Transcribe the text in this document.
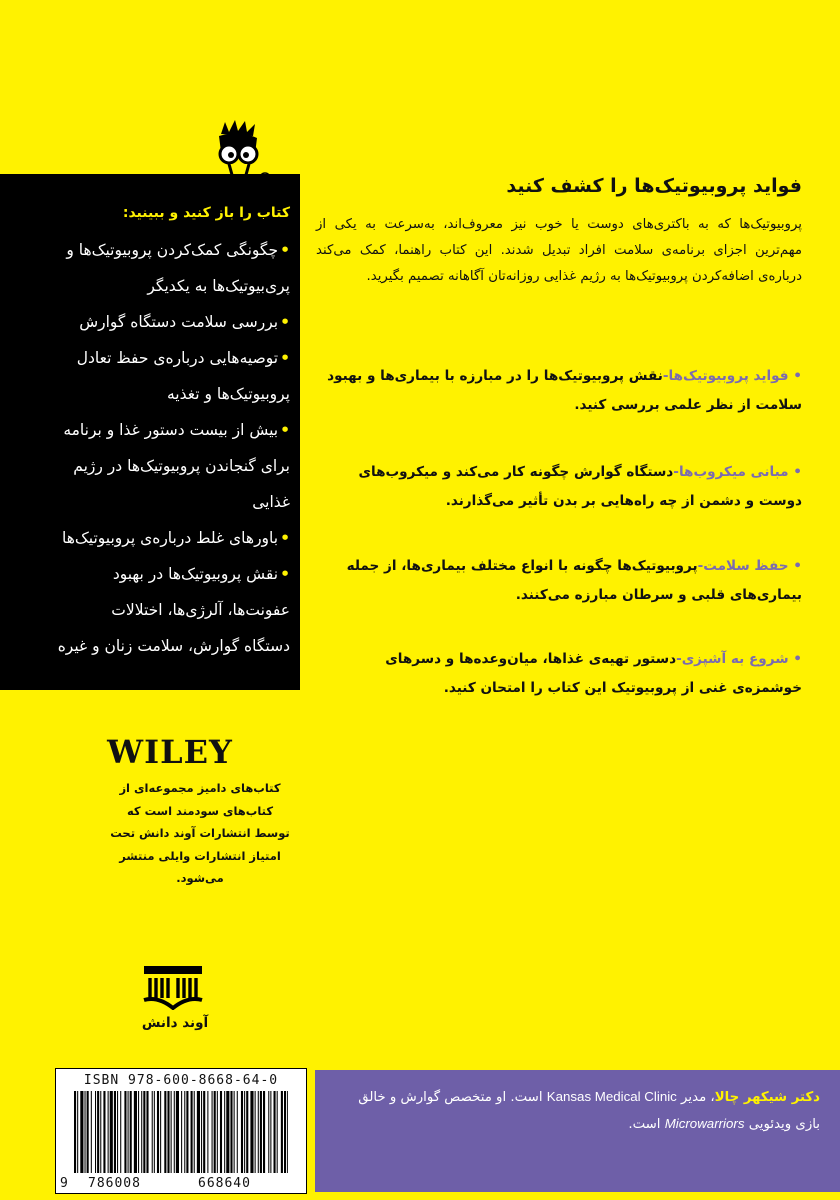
کتاب را باز کنید و ببینید:
•چگونگی کمک‌کردن پروبیوتیک‌ها و
پری‌بیوتیک‌ها به یکدیگر
•بررسی سلامت دستگاه گوارش
•توصیه‌هایی درباره‌ی حفظ تعادل
پروبیوتیک‌ها و تغذیه
•بیش از بیست دستور غذا و برنامه
برای گنجاندن پروبیوتیک‌ها در رژیم
غذایی
•باورهای غلط درباره‌ی پروبیوتیک‌ها
•نقش پروبیوتیک‌ها در بهبود
عفونت‌ها، آلرژی‌ها، اختلالات
دستگاه گوارش، سلامت زنان و غیره
فواید پروبیوتیک‌ها را کشف کنید
پروبیوتیک‌ها که به باکتری‌های دوست یا خوب نیز معروف‌اند، به‌سرعت به یکی از مهم‌ترین اجزای برنامه‌ی سلامت افراد تبدیل شدند. این کتاب راهنما، کمک می‌کند درباره‌ی اضافه‌کردن پروبیوتیک‌ها به رژیم غذایی روزانه‌تان آگاهانه تصمیم بگیرید.
• فواید پروبیوتیک‌ها-نقش پروبیوتیک‌ها را در مبارزه با بیماری‌ها و بهبود سلامت از نظر علمی بررسی کنید.
• مبانی میکروب‌ها-دستگاه گوارش چگونه کار می‌کند و میکروب‌های دوست و دشمن از چه راه‌هایی بر بدن تأثیر می‌گذارند.
• حفظ سلامت-پروبیوتیک‌ها چگونه با انواع مختلف بیماری‌ها، از جمله بیماری‌های قلبی و سرطان مبارزه می‌کنند.
• شروع به آشپزی-دستور تهیه‌ی غذاها، میان‌وعده‌ها و دسرهای خوشمزه‌ی غنی از پروبیوتیک این کتاب را امتحان کنید.
WILEY
کتاب‌های دامیز مجموعه‌ای از کتاب‌های سودمند است که توسط انتشارات آوند دانش تحت امتیاز انتشارات وایلی منتشر می‌شود.
آوند دانش
ISBN 978-600-8668-64-0
9 786008	668640
دکتر شیکهر چالا، مدیر Kansas Medical Clinic است. او متخصص گوارش و خالق بازی ویدئویی Microwarriors است.
